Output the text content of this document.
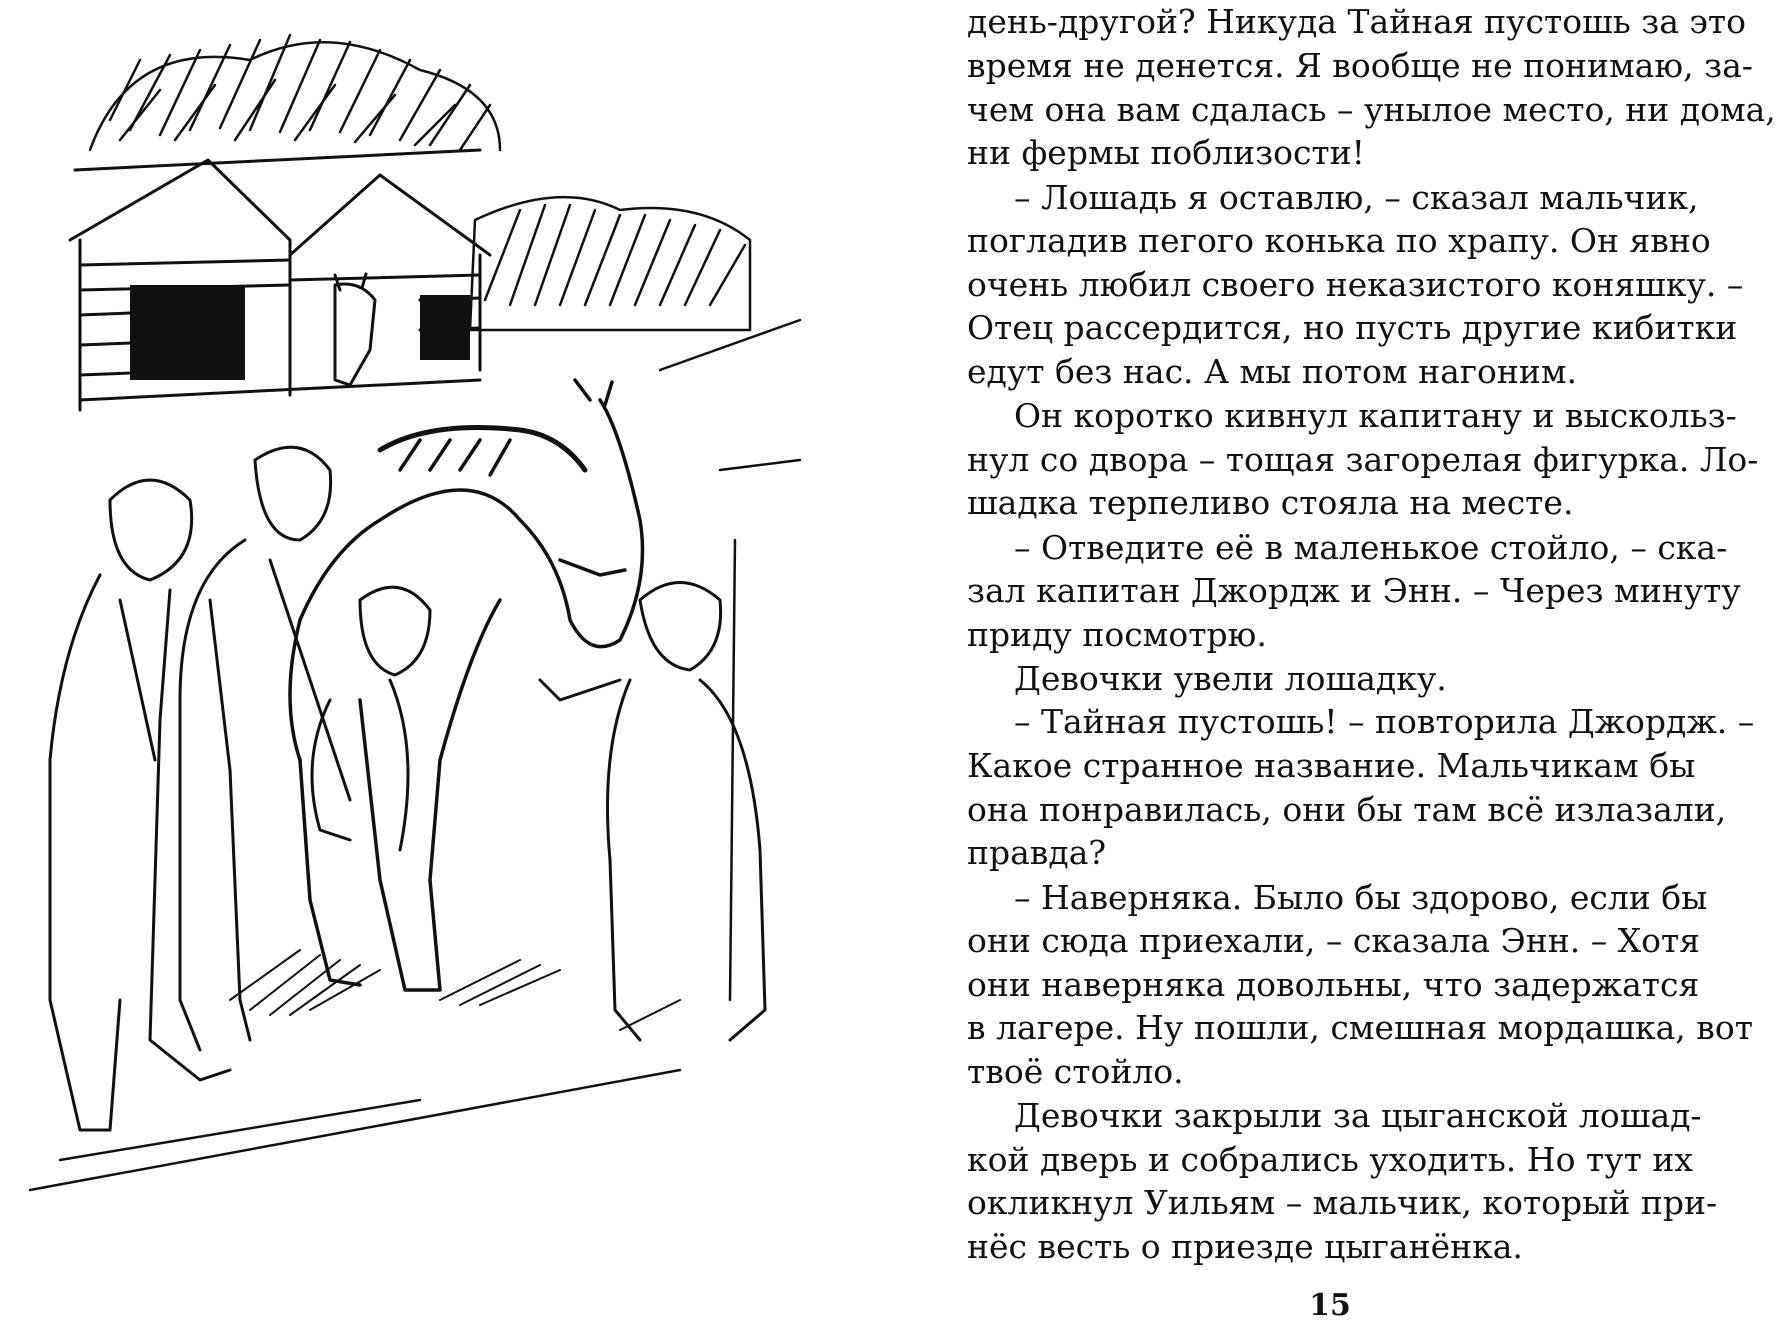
день-другой? Никуда Тайная пустошь за это
время не денется. Я вообще не понимаю, за-
чем она вам сдалась – унылое место, ни дома,
ни фермы поблизости!
– Лошадь я оставлю, – сказал мальчик,
погладив пегого конька по храпу. Он явно
очень любил своего неказистого коняшку. –
Отец рассердится, но пусть другие кибитки
едут без нас. А мы потом нагоним.
Он коротко кивнул капитану и выскольз-
нул со двора – тощая загорелая фигурка. Ло-
шадка терпеливо стояла на месте.
– Отведите её в маленькое стойло, – ска-
зал капитан Джордж и Энн. – Через минуту
приду посмотрю.
Девочки увели лошадку.
– Тайная пустошь! – повторила Джордж. –
Какое странное название. Мальчикам бы
она понравилась, они бы там всё излазали,
правда?
– Наверняка. Было бы здорово, если бы
они сюда приехали, – сказала Энн. – Хотя
они наверняка довольны, что задержатся
в лагере. Ну пошли, смешная мордашка, вот
твоё стойло.
Девочки закрыли за цыганской лошад-
кой дверь и собрались уходить. Но тут их
окликнул Уильям – мальчик, который при-
нёс весть о приезде цыганёнка.
15
